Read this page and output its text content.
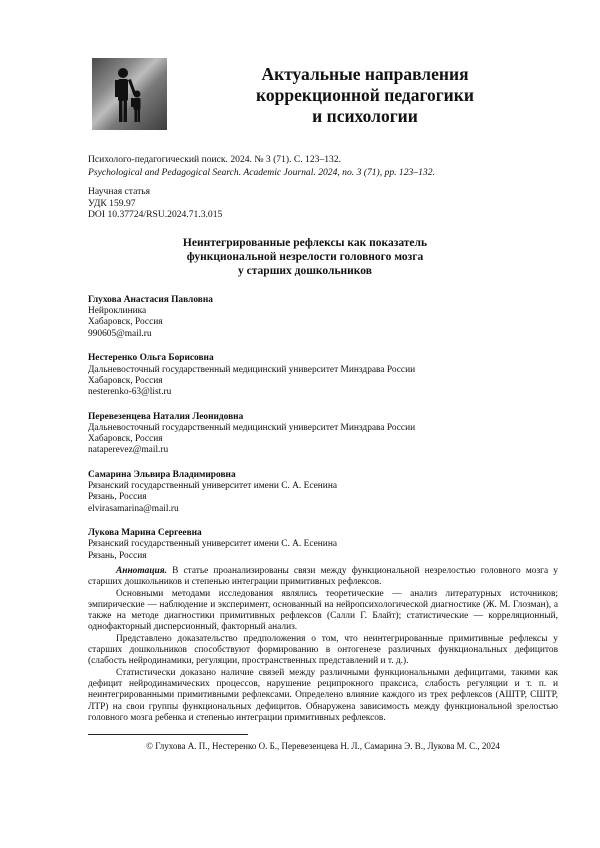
Актуальные направления
коррекционной педагогики
и психологии
Психолого-педагогический поиск. 2024. № 3 (71). С. 123–132.
Psychological and Pedagogical Search. Academic Journal. 2024, no. 3 (71), pp. 123–132.
Научная статья
УДК 159.97
DOI 10.37724/RSU.2024.71.3.015
Неинтегрированные рефлексы как показатель
функциональной незрелости головного мозга
у старших дошкольников
Глухова Анастасия Павловна
Нейроклиника
Хабаровск, Россия
990605@mail.ru
Нестеренко Ольга Борисовна
Дальневосточный государственный медицинский университет Минздрава России
Хабаровск, Россия
nesterenko-63@list.ru
Перевезенцева Наталия Леонидовна
Дальневосточный государственный медицинский университет Минздрава России
Хабаровск, Россия
nataperevez@mail.ru
Самарина Эльвира Владимировна
Рязанский государственный университет имени С. А. Есенина
Рязань, Россия
elvirasamarina@mail.ru
Лукова Марина Сергеевна
Рязанский государственный университет имени С. А. Есенина
Рязань, Россия

Аннотация. В статье проанализированы связи между функциональной незрелостью головного мозга у старших дошкольников и степенью интеграции примитивных рефлексов.

Основными методами исследования являлись теоретические — анализ литературных источников; эмпирические — наблюдение и эксперимент, основанный на нейропсихологической диагностике (Ж. М. Глозман), а также на методе диагностики примитивных рефлексов (Салли Г. Блайт); статистические — корреляционный, однофакторный дисперсионный, факторный анализ.

Представлено доказательство предположения о том, что неинтегрированные примитивные рефлексы у старших дошкольников способствуют формированию в онтогенезе различных функциональных дефицитов (слабость нейродинамики, регуляции, пространственных представлений и т. д.).

Статистически доказано наличие связей между различными функциональными дефицитами, такими как дефицит нейродинамических процессов, нарушение реципрокного праксиса, слабость регуляции и т. п. и неинтегрированными примитивными рефлексами. Определено влияние каждого из трех рефлексов (АШТР, СШТР, ЛТР) на свои группы функциональных дефицитов. Обнаружена зависимость между функциональной зрелостью головного мозга ребенка и степенью интеграции примитивных рефлексов.

© Глухова А. П., Нестеренко О. Б., Перевезенцева Н. Л., Самарина Э. В., Лукова М. С., 2024
